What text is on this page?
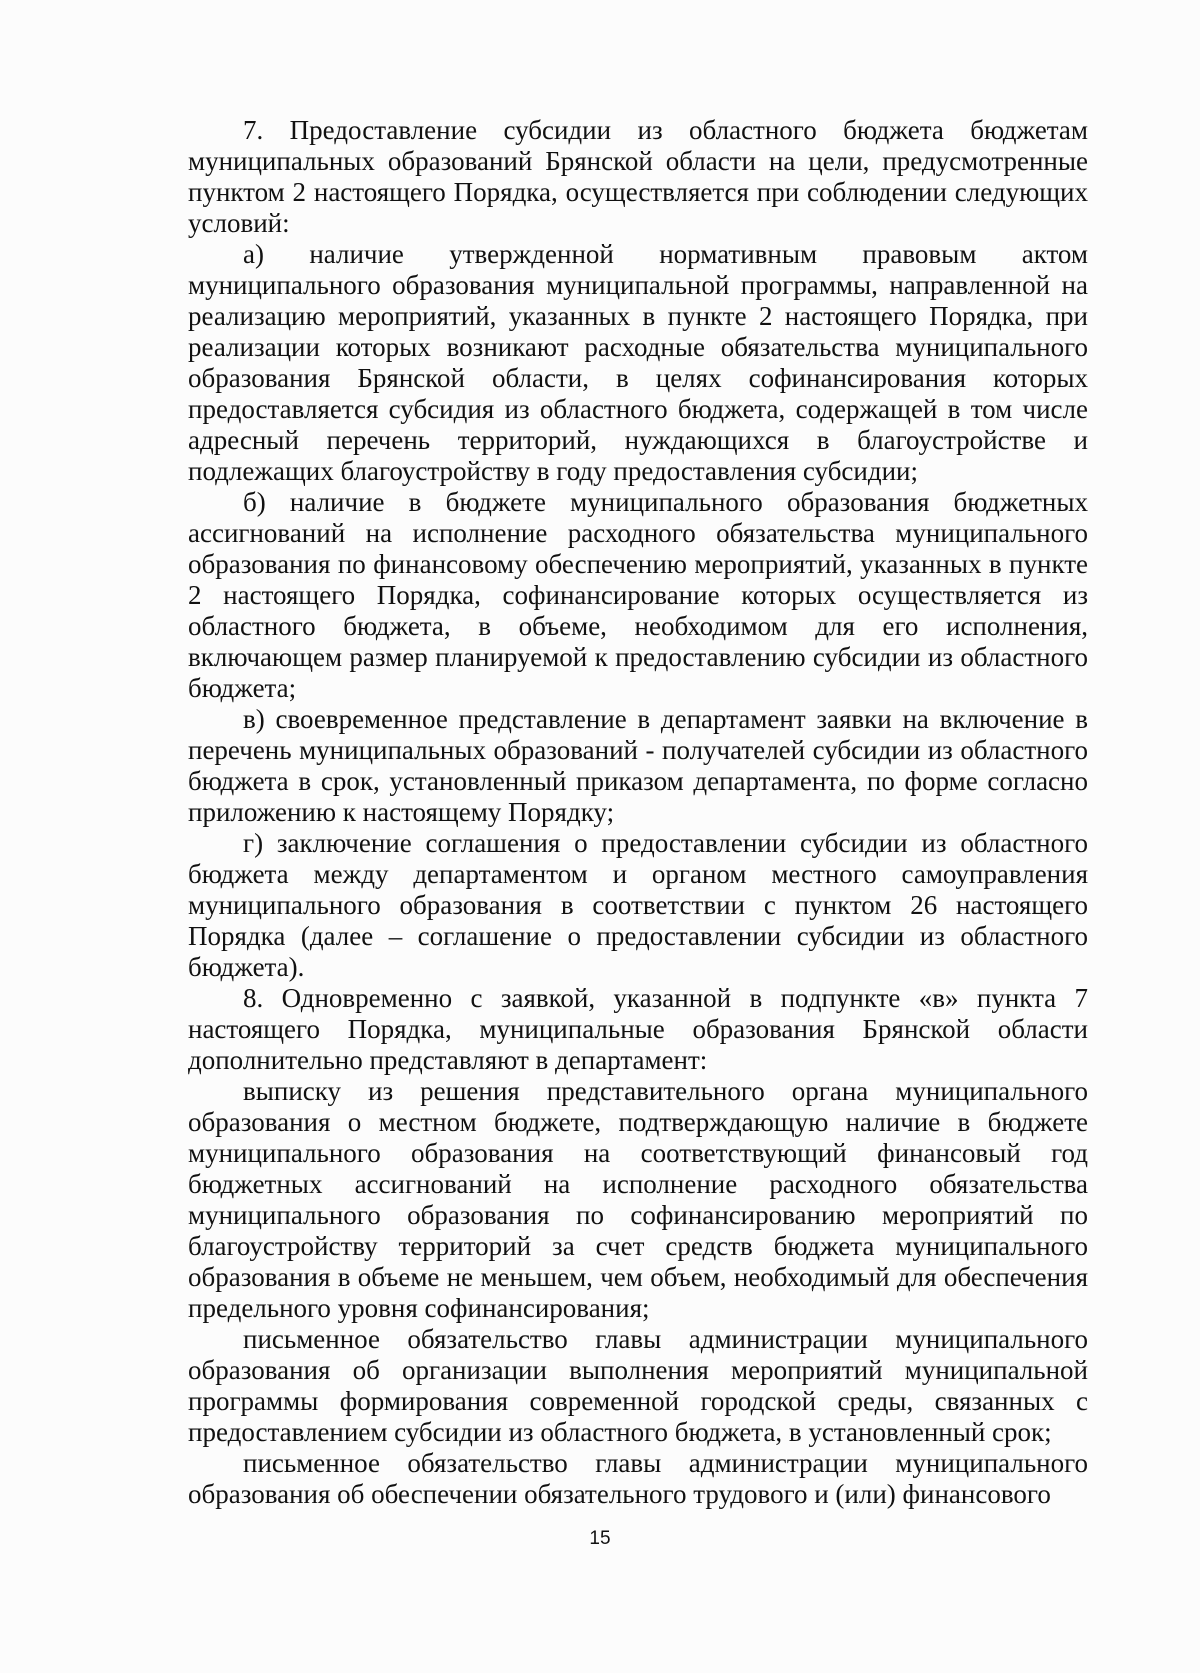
7. Предоставление субсидии из областного бюджета бюджетам муниципальных образований Брянской области на цели, предусмотренные пунктом 2 настоящего Порядка, осуществляется при соблюдении следующих условий:

а) наличие утвержденной нормативным правовым актом муниципального образования муниципальной программы, направленной на реализацию мероприятий, указанных в пункте 2 настоящего Порядка, при реализации которых возникают расходные обязательства муниципального образования Брянской области, в целях софинансирования которых предоставляется субсидия из областного бюджета, содержащей в том числе адресный перечень территорий, нуждающихся в благоустройстве и подлежащих благоустройству в году предоставления субсидии;

б) наличие в бюджете муниципального образования бюджетных ассигнований на исполнение расходного обязательства муниципального образования по финансовому обеспечению мероприятий, указанных в пункте 2 настоящего Порядка, софинансирование которых осуществляется из областного бюджета, в объеме, необходимом для его исполнения, включающем размер планируемой к предоставлению субсидии из областного бюджета;

в) своевременное представление в департамент заявки на включение в перечень муниципальных образований - получателей субсидии из областного бюджета в срок, установленный приказом департамента, по форме согласно приложению к настоящему Порядку;

г) заключение соглашения о предоставлении субсидии из областного бюджета между департаментом и органом местного самоуправления муниципального образования в соответствии с пунктом 26 настоящего Порядка (далее – соглашение о предоставлении субсидии из областного бюджета).

8. Одновременно с заявкой, указанной в подпункте «в» пункта 7 настоящего Порядка, муниципальные образования Брянской области дополнительно представляют в департамент:

выписку из решения представительного органа муниципального образования о местном бюджете, подтверждающую наличие в бюджете муниципального образования на соответствующий финансовый год бюджетных ассигнований на исполнение расходного обязательства муниципального образования по софинансированию мероприятий по благоустройству территорий за счет средств бюджета муниципального образования в объеме не меньшем, чем объем, необходимый для обеспечения предельного уровня софинансирования;

письменное обязательство главы администрации муниципального образования об организации выполнения мероприятий муниципальной программы формирования современной городской среды, связанных с предоставлением субсидии из областного бюджета, в установленный срок;

письменное обязательство главы администрации муниципального образования об обеспечении обязательного трудового и (или) финансового

15
